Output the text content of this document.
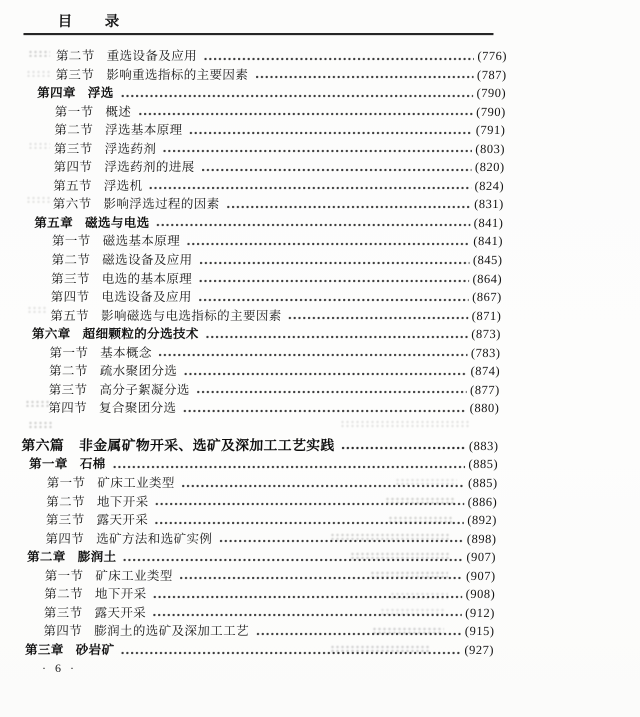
目　录
第二节 重选设备及应用	(776)
第三节 影响重选指标的主要因素	(787)
第四章 浮选	(790)
第一节 概述	(790)
第二节 浮选基本原理	(791)
第三节 浮选药剂	(803)
第四节 浮选药剂的进展	(820)
第五节 浮选机	(824)
第六节 影响浮选过程的因素	(831)
第五章 磁选与电选	(841)
第一节 磁选基本原理	(841)
第二节 磁选设备及应用	(845)
第三节 电选的基本原理	(864)
第四节 电选设备及应用	(867)
第五节 影响磁选与电选指标的主要因素	(871)
第六章 超细颗粒的分选技术	(873)
第一节 基本概念	(783)
第二节 疏水聚团分选	(874)
第三节 高分子絮凝分选	(877)
第四节 复合聚团分选	(880)
第六篇 非金属矿物开采、选矿及深加工工艺实践	(883)
第一章 石棉	(885)
第一节 矿床工业类型	(885)
第二节 地下开采	(886)
第三节 露天开采	(892)
第四节 选矿方法和选矿实例	(898)
第二章 膨润土	(907)
第一节 矿床工业类型	(907)
第二节 地下开采	(908)
第三节 露天开采	(912)
第四节 膨润土的选矿及深加工工艺	(915)
第三章 砂岩矿	(927)
· 6 ·
